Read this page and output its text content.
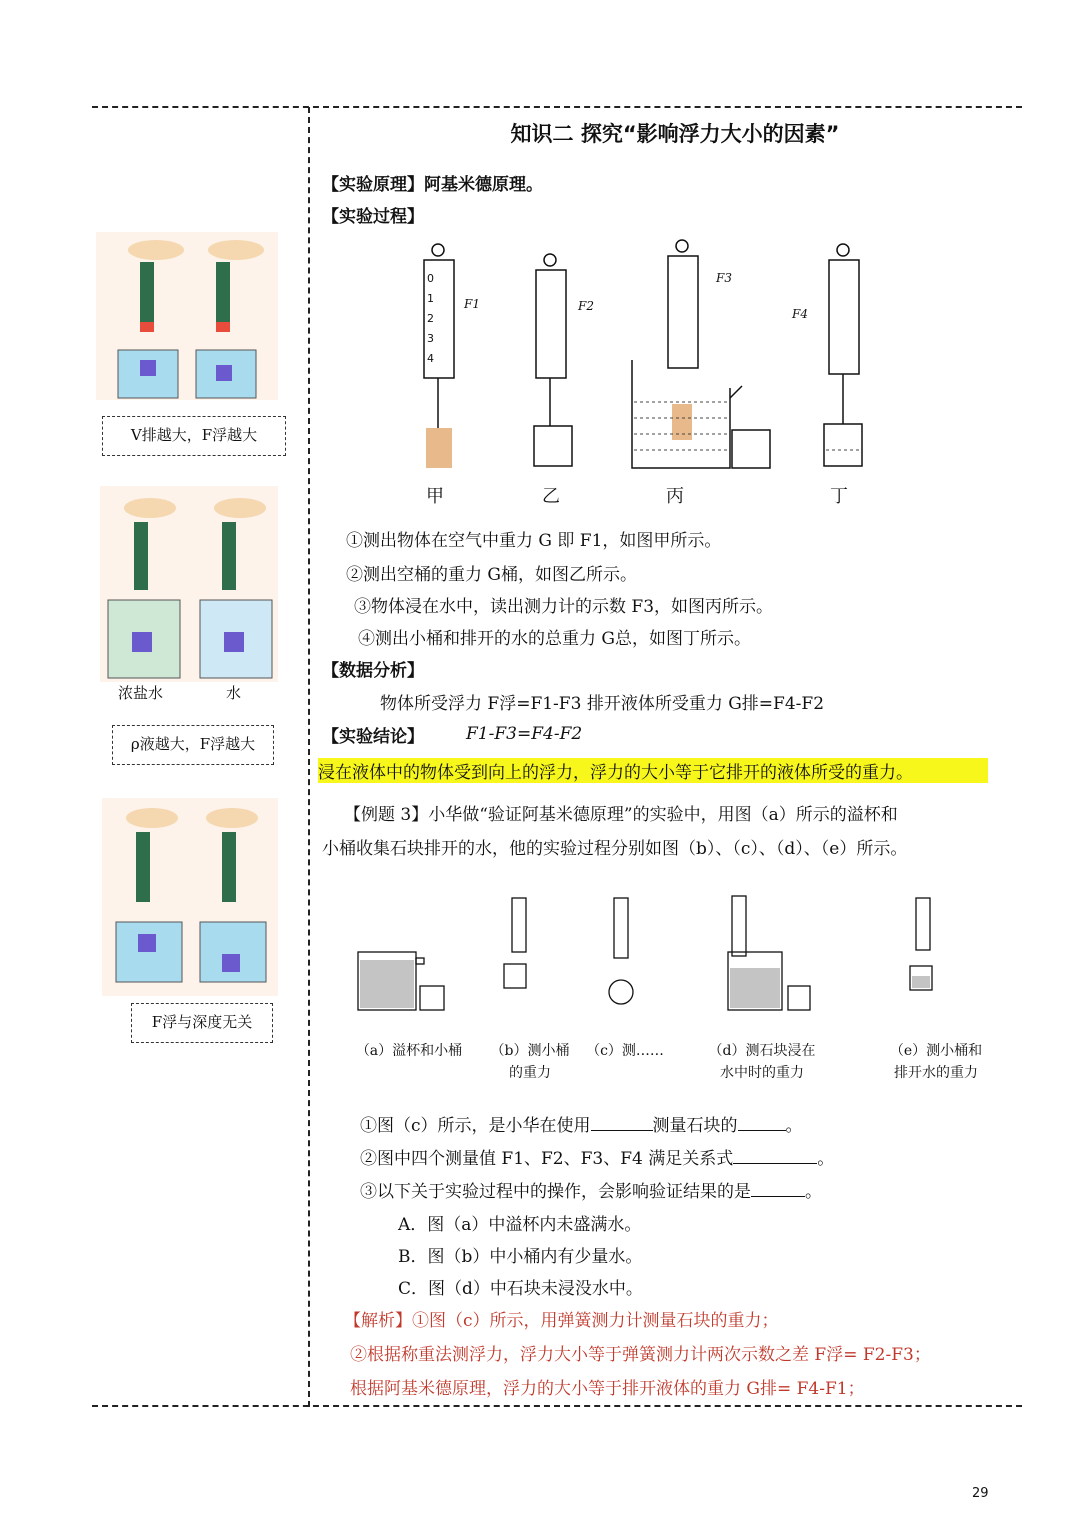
V排越大，F浮越大
浓盐水	水
ρ液越大，F浮越大
F浮与深度无关
知识二 探究“影响浮力大小的因素”
【实验原理】阿基米德原理。
【实验过程】
0
1
2
3
4
F1	F2
F3
F4
甲	乙	丙	丁
①测出物体在空气中重力 G 即 F1，如图甲所示。
②测出空桶的重力 G桶，如图乙所示。
③物体浸在水中，读出测力计的示数 F3，如图丙所示。
④测出小桶和排开的水的总重力 G总，如图丁所示。
【数据分析】
物体所受浮力 F浮=F1-F3 排开液体所受重力 G排=F4-F2
【实验结论】 F1-F3=F4-F2
浸在液体中的物体受到向上的浮力，浮力的大小等于它排开的液体所受的重力。
【例题 3】小华做“验证阿基米德原理”的实验中，用图（a）所示的溢杯和
小桶收集石块排开的水，他的实验过程分别如图（b）、（c）、（d）、（e）所示。
（a）溢杯和小桶	（b）测小桶
的重力
（c）测……	（d）测石块浸在
水中时的重力
（e）测小桶和
排开水的重力
①图（c）所示，是小华在使用	测量石块的	。
②图中四个测量值 F1、F2、F3、F4 满足关系式	。
③以下关于实验过程中的操作，会影响验证结果的是	。
A．图（a）中溢杯内未盛满水。
B．图（b）中小桶内有少量水。
C．图（d）中石块未浸没水中。
【解析】①图（c）所示，用弹簧测力计测量石块的重力；
②根据称重法测浮力，浮力大小等于弹簧测力计两次示数之差 F浮= F2-F3；
根据阿基米德原理，浮力的大小等于排开液体的重力 G排= F4-F1；
29
